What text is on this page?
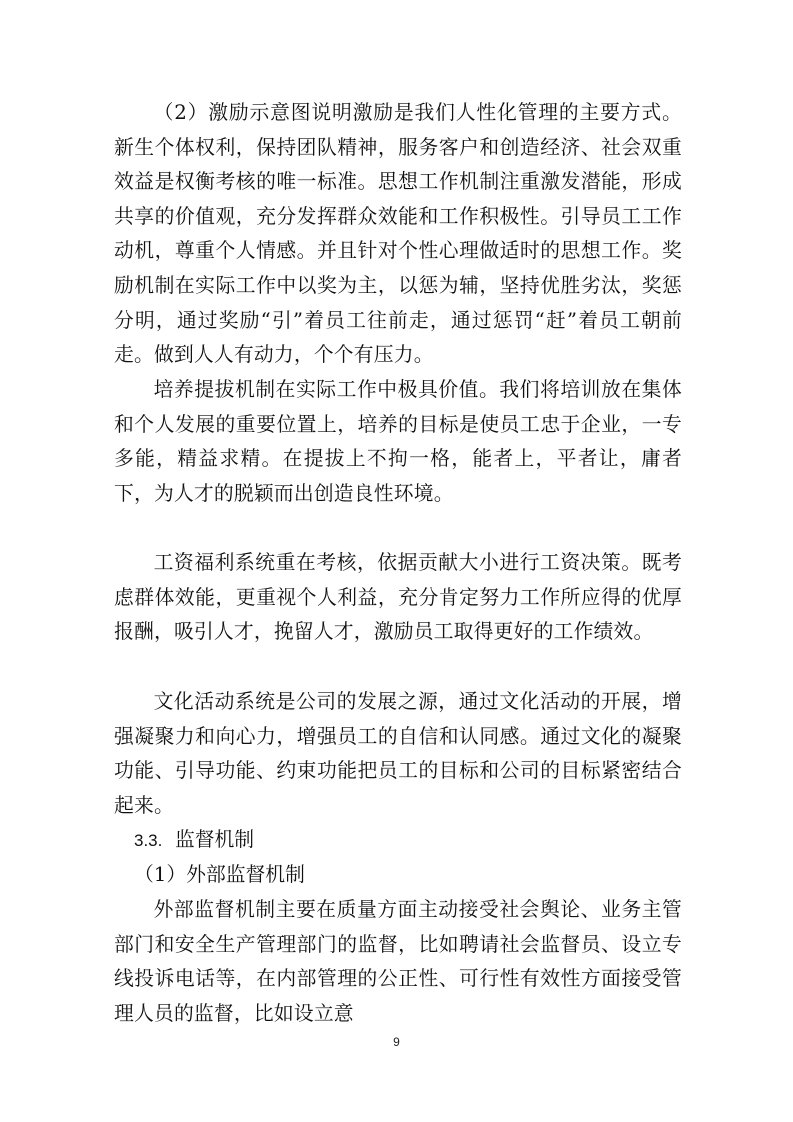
（2）激励示意图说明激励是我们人性化管理的主要方式。新生个体权利，保持团队精神，服务客户和创造经济、社会双重效益是权衡考核的唯一标准。思想工作机制注重激发潜能，形成共享的价值观，充分发挥群众效能和工作积极性。引导员工工作动机，尊重个人情感。并且针对个性心理做适时的思想工作。奖励机制在实际工作中以奖为主，以惩为辅，坚持优胜劣汰，奖惩分明，通过奖励“引”着员工往前走，通过惩罚“赶”着员工朝前走。做到人人有动力，个个有压力。

培养提拔机制在实际工作中极具价值。我们将培训放在集体和个人发展的重要位置上，培养的目标是使员工忠于企业，一专多能，精益求精。在提拔上不拘一格，能者上，平者让，庸者下，为人才的脱颖而出创造良性环境。

工资福利系统重在考核，依据贡献大小进行工资决策。既考虑群体效能，更重视个人利益，充分肯定努力工作所应得的优厚报酬，吸引人才，挽留人才，激励员工取得更好的工作绩效。

文化活动系统是公司的发展之源，通过文化活动的开展，增强凝聚力和向心力，增强员工的自信和认同感。通过文化的凝聚功能、引导功能、约束功能把员工的目标和公司的目标紧密结合起来。

3.3. 监督机制

（1）外部监督机制

外部监督机制主要在质量方面主动接受社会舆论、业务主管部门和安全生产管理部门的监督，比如聘请社会监督员、设立专线投诉电话等，在内部管理的公正性、可行性有效性方面接受管理人员的监督，比如设立意

9
